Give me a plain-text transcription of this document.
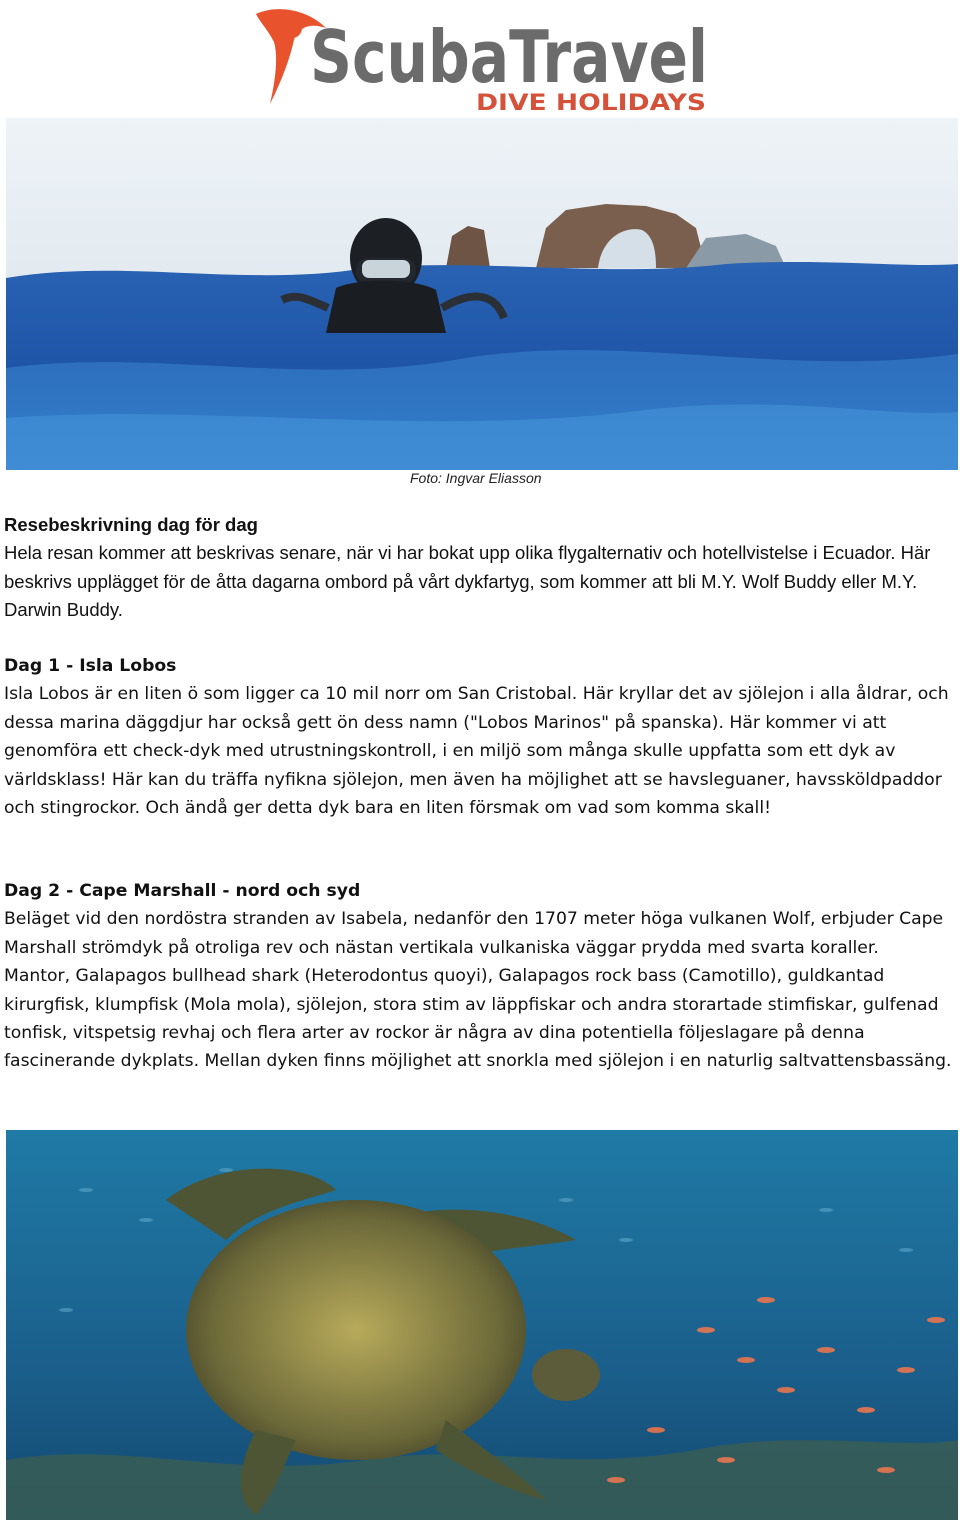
ScubaTravel
DIVE HOLIDAYS
Foto: Ingvar Eliasson

Resebeskrivning dag för dag

Hela resan kommer att beskrivas senare, när vi har bokat upp olika flygalternativ och hotellvistelse i Ecuador. Här beskrivs upplägget för de åtta dagarna ombord på vårt dykfartyg, som kommer att bli M.Y. Wolf Buddy eller M.Y. Darwin Buddy.

Dag 1 - Isla Lobos

Isla Lobos är en liten ö som ligger ca 10 mil norr om San Cristobal. Här kryllar det av sjölejon i alla åldrar, och dessa marina däggdjur har också gett ön dess namn ("Lobos Marinos" på spanska). Här kommer vi att genomföra ett check-dyk med utrustningskontroll, i en miljö som många skulle uppfatta som ett dyk av världsklass! Här kan du träffa nyfikna sjölejon, men även ha möjlighet att se havsleguaner, havssköldpaddor och stingrockor. Och ändå ger detta dyk bara en liten försmak om vad som komma skall!

Dag 2 - Cape Marshall - nord och syd

Beläget vid den nordöstra stranden av Isabela, nedanför den 1707 meter höga vulkanen Wolf, erbjuder Cape Marshall strömdyk på otroliga rev och nästan vertikala vulkaniska väggar prydda med svarta koraller.

Mantor, Galapagos bullhead shark (Heterodontus quoyi), Galapagos rock bass (Camotillo), guldkantad kirurgfisk, klumpfisk (Mola mola), sjölejon, stora stim av läppfiskar och andra storartade stimfiskar, gulfenad tonfisk, vitspetsig revhaj och flera arter av rockor är några av dina potentiella följeslagare på denna fascinerande dykplats. Mellan dyken finns möjlighet att snorkla med sjölejon i en naturlig saltvattensbassäng.
